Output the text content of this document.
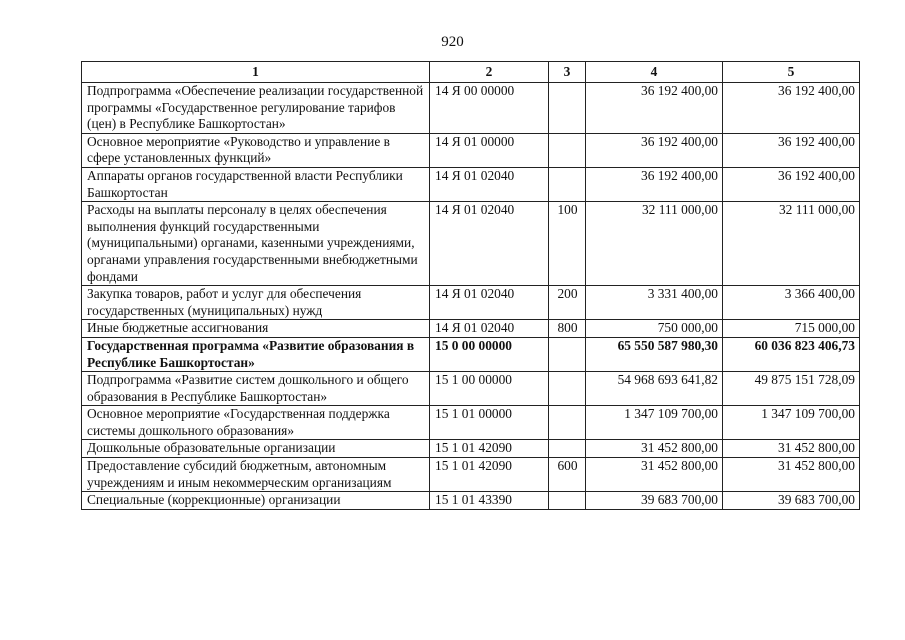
920
1	2	3	4	5
Подпрограмма «Обеспечение реализации государственной программы «Государственное регулирование тарифов (цен) в Республике Башкортостан»	14 Я 00 00000		36 192 400,00	36 192 400,00
Основное мероприятие «Руководство и управление в сфере установленных функций»	14 Я 01 00000		36 192 400,00	36 192 400,00
Аппараты органов государственной власти Республики Башкортостан	14 Я 01 02040		36 192 400,00	36 192 400,00
Расходы на выплаты персоналу в целях обеспечения выполнения функций государственными (муниципальными) органами, казенными учреждениями, органами управления государственными внебюджетными фондами	14 Я 01 02040	100	32 111 000,00	32 111 000,00
Закупка товаров, работ и услуг для обеспечения государственных (муниципальных) нужд	14 Я 01 02040	200	3 331 400,00	3 366 400,00
Иные бюджетные ассигнования	14 Я 01 02040	800	750 000,00	715 000,00
Государственная программа «Развитие образования в Республике Башкортостан»	15 0 00 00000		65 550 587 980,30	60 036 823 406,73
Подпрограмма «Развитие систем дошкольного и общего образования в Республике Башкортостан»	15 1 00 00000		54 968 693 641,82	49 875 151 728,09
Основное мероприятие «Государственная поддержка системы дошкольного образования»	15 1 01 00000		1 347 109 700,00	1 347 109 700,00
Дошкольные образовательные организации	15 1 01 42090		31 452 800,00	31 452 800,00
Предоставление субсидий бюджетным, автономным учреждениям и иным некоммерческим организациям	15 1 01 42090	600	31 452 800,00	31 452 800,00
Специальные (коррекционные) организации	15 1 01 43390		39 683 700,00	39 683 700,00
